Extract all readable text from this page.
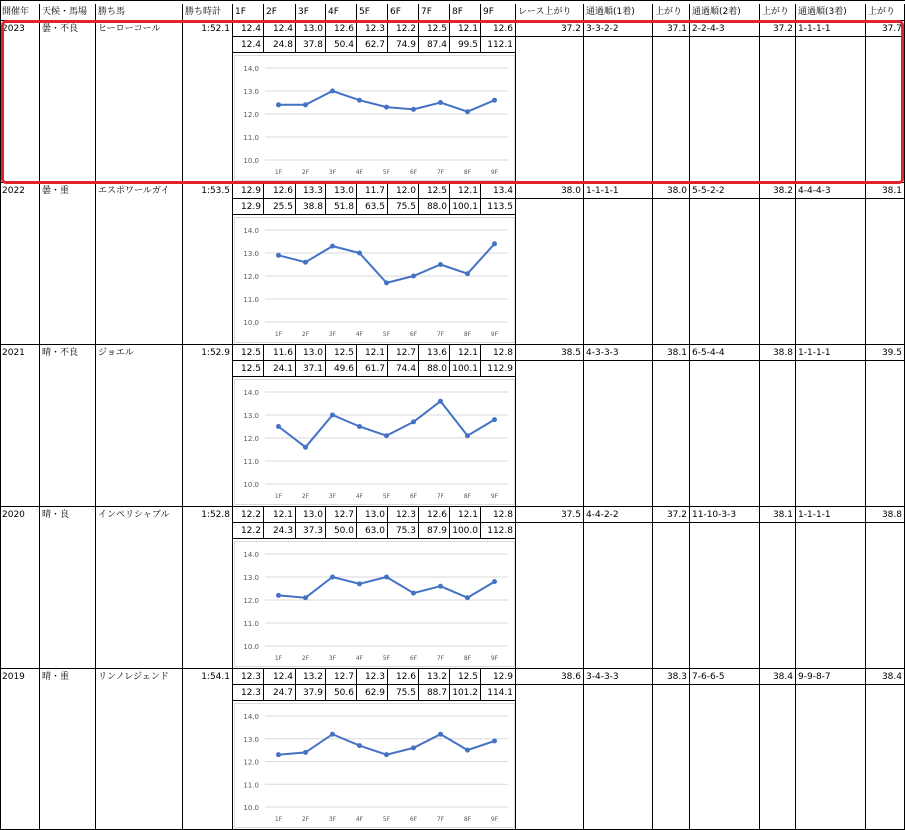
開催年	天候・馬場	勝ち馬	勝ち時計	1F	2F	3F	4F	5F	6F	7F	8F	9F	レース上がり	通過順(1着)	上がり	通過順(2着)	上がり 通過順(3着)	上がり
2023	曇・不良	ヒーローコール	1:52.1	12.4	12.4	13.0	12.6	12.3	12.2	12.5	12.1	12.6
12.4	24.8	37.8	50.4	62.7	74.9	87.4	99.5	112.1
37.2 3-3-2-2	37.1 2-2-4-3	37.2 1-1-1-1	37.7
14.0
13.0
12.0
11.0
10.0
1F	2F	3F	4F	5F	6F	7F	8F	9F
2022	曇・重	エスポワールガイ	1:53.5	12.9	12.6	13.3	13.0	11.7	12.0	12.5	12.1	13.4
12.9	25.5	38.8	51.8	63.5	75.5	88.0 100.1	113.5
38.0 1-1-1-1	38.0 5-5-2-2	38.2 4-4-4-3	38.1
14.0
13.0
12.0
11.0
10.0
1F	2F	3F	4F	5F	6F	7F	8F	9F
2021	晴・不良	ジョエル	1:52.9	12.5	11.6	13.0	12.5	12.1	12.7	13.6	12.1	12.8
12.5	24.1	37.1	49.6	61.7	74.4	88.0 100.1	112.9
38.5 4-3-3-3	38.1 6-5-4-4	38.8 1-1-1-1	39.5
14.0
13.0
12.0
11.0
10.0
1F	2F	3F	4F	5F	6F	7F	8F	9F
2020	晴・良	インペリシャブル	1:52.8	12.2	12.1	13.0	12.7	13.0	12.3	12.6	12.1	12.8
12.2	24.3	37.3	50.0	63.0	75.3	87.9 100.0	112.8
37.5 4-4-2-2	37.2 11-10-3-3	38.1 1-1-1-1	38.8
14.0
13.0
12.0
11.0
10.0
1F	2F	3F	4F	5F	6F	7F	8F	9F
2019	晴・重	リンノレジェンド	1:54.1	12.3	12.4	13.2	12.7	12.3	12.6	13.2	12.5	12.9
12.3	24.7	37.9	50.6	62.9	75.5	88.7 101.2	114.1
38.6 3-4-3-3	38.3 7-6-6-5	38.4 9-9-8-7	38.4
14.0
13.0
12.0
11.0
10.0
1F	2F	3F	4F	5F	6F	7F	8F	9F
